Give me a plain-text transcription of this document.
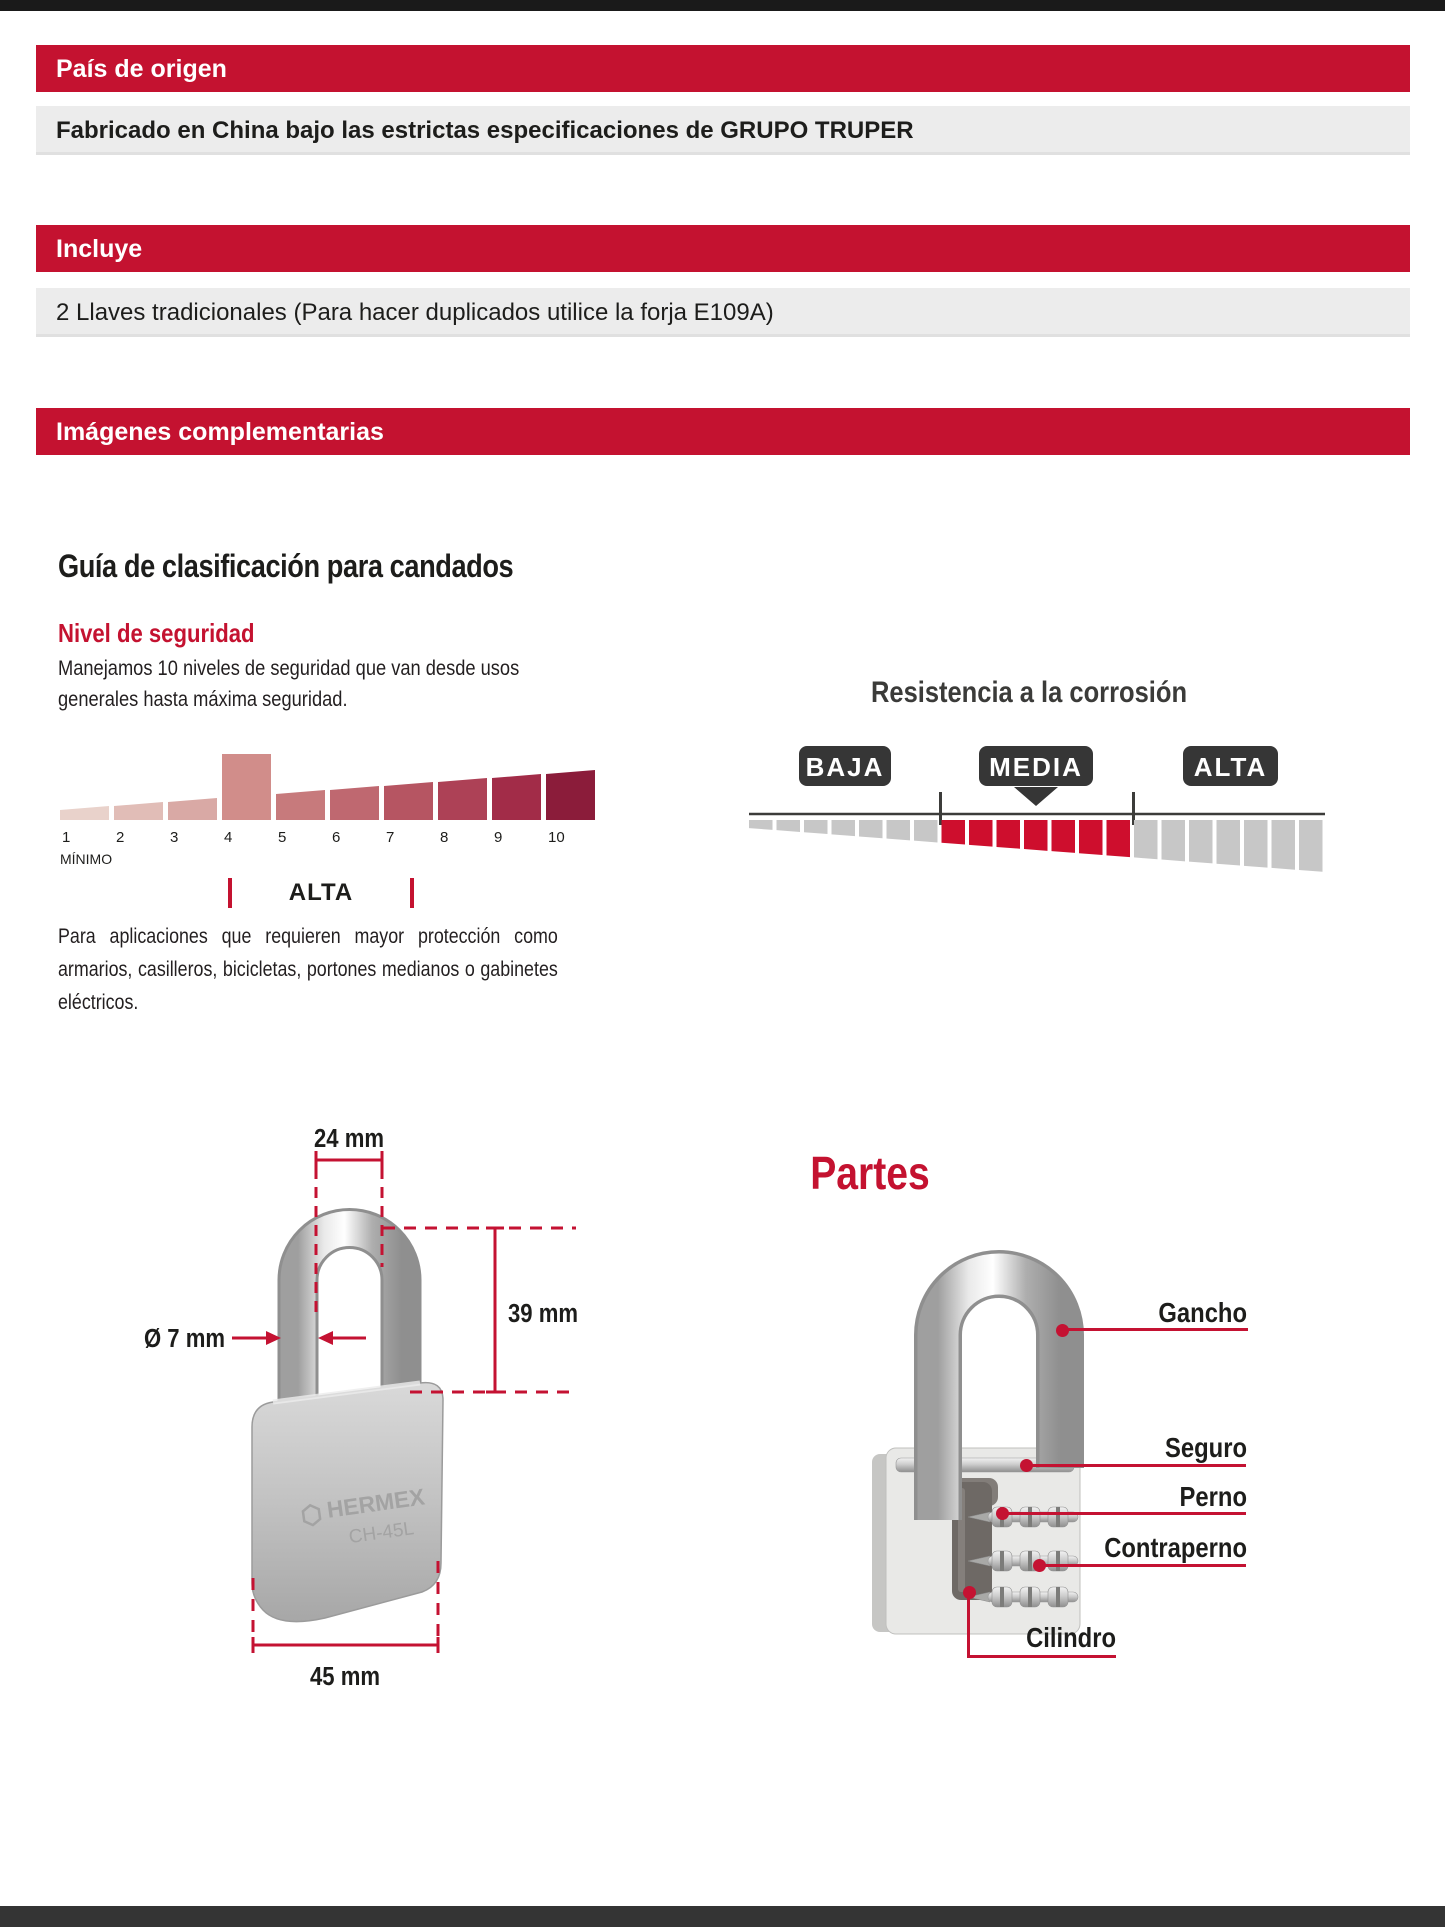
País de origen
Fabricado en China bajo las estrictas especificaciones de GRUPO TRUPER
Incluye
2 Llaves tradicionales (Para hacer duplicados utilice la forja E109A)
Imágenes complementarias
Guía de clasificación para candados
Nivel de seguridad
Manejamos 10 niveles de seguridad que van desde usos generales hasta máxima seguridad.
1	2	3	4	5	6	7	8	9	10
MÍNIMO
ALTA
Para aplicaciones que requieren mayor protección como armarios, casilleros, bicicletas, portones medianos o gabinetes eléctricos.
Resistencia a la corrosión
BAJA	MEDIA	ALTA
HERMEX
CH-45L
24 mm
Ø 7 mm
39 mm
45 mm
Partes
Gancho
Seguro
Perno
Contraperno
Cilindro
